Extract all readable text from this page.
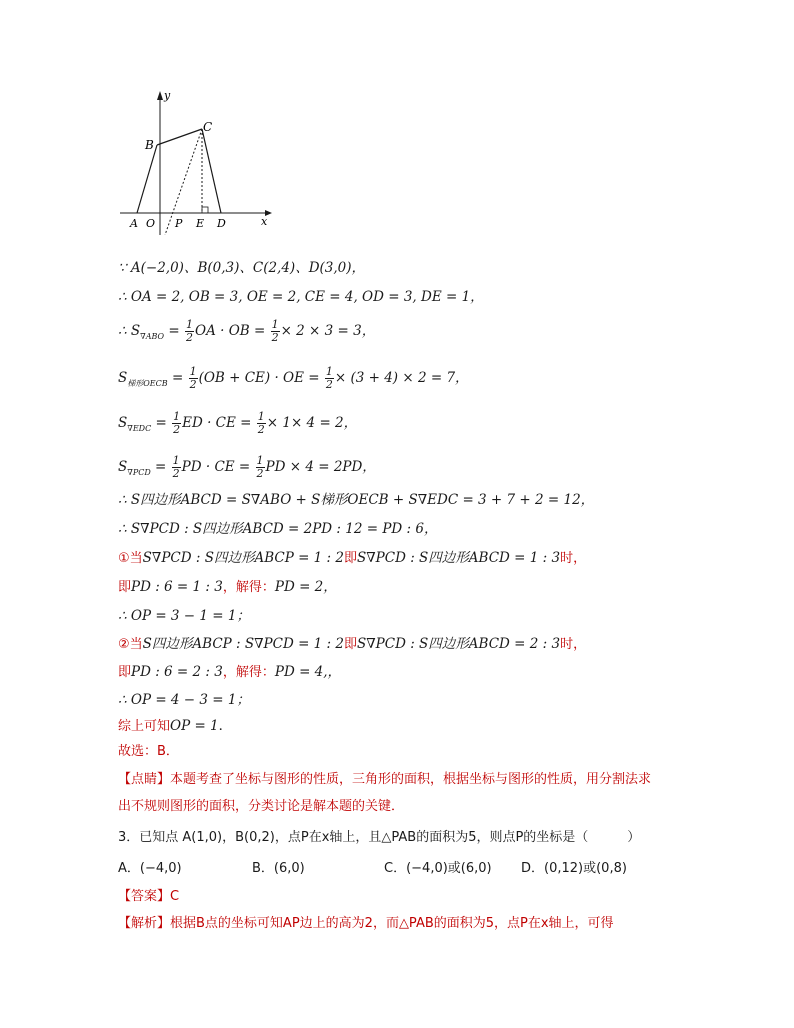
y
x
B
C
A O P E D
∵ A(−2,0)、B(0,3)、C(2,4)、D(3,0)，
∴ OA = 2, OB = 3, OE = 2, CE = 4, OD = 3, DE = 1，
∴ $S_{\nabla ABO} = \frac{1}{2}$ OA · OB = $\frac{1}{2} \times 2 \times 3 = 3$，
$S_{梯形OECB} = \frac{1}{2} (OB + CE)$ · OE = $\frac{1}{2} \times (3 + 4) \times 2 = 7$，
$S_{\nabla EDC} = \frac{1}{2}$ ED · CE = $\frac{1}{2} \times 1\times 4 = 2$，
$S_{\nabla PCD} = \frac{1}{2}$ PD · CE = $\frac{1}{2}$ PD × 4 = 2PD，
∴ S四边形ABCD = S∇ABO + S梯形OECB + S∇EDC = 3 + 7 + 2 = 12，
∴ S∇PCD : S四边形ABCD = 2PD : 12 = PD : 6，
①当S∇PCD : S四边形ABCP = 1 : 2即S∇PCD : S四边形ABCD = 1 : 3时，
即PD : 6 = 1 : 3，解得：PD = 2，
∴ OP = 3 − 1 = 1；
②当S四边形ABCP : S∇PCD = 1 : 2即S∇PCD : S四边形ABCD = 2 : 3时，
即PD : 6 = 2 : 3，解得：PD = 4,，
∴ OP = 4 − 3 = 1；
综上可知OP = 1．
故选：B．
【点睛】本题考查了坐标与图形的性质，三角形的面积，根据坐标与图形的性质，用分割法求
出不规则图形的面积，分类讨论是解本题的关键．
3．已知点 A(1,0)，B(0,2)，点P在x轴上，且△PAB的面积为5，则点P的坐标是（　　　）
A．(−4,0)	B．(6,0)	C．(−4,0)或(6,0) D．(0,12)或(0,8)
【答案】C
【解析】根据B点的坐标可知AP边上的高为2，而△PAB的面积为5，点P在x轴上，可得
